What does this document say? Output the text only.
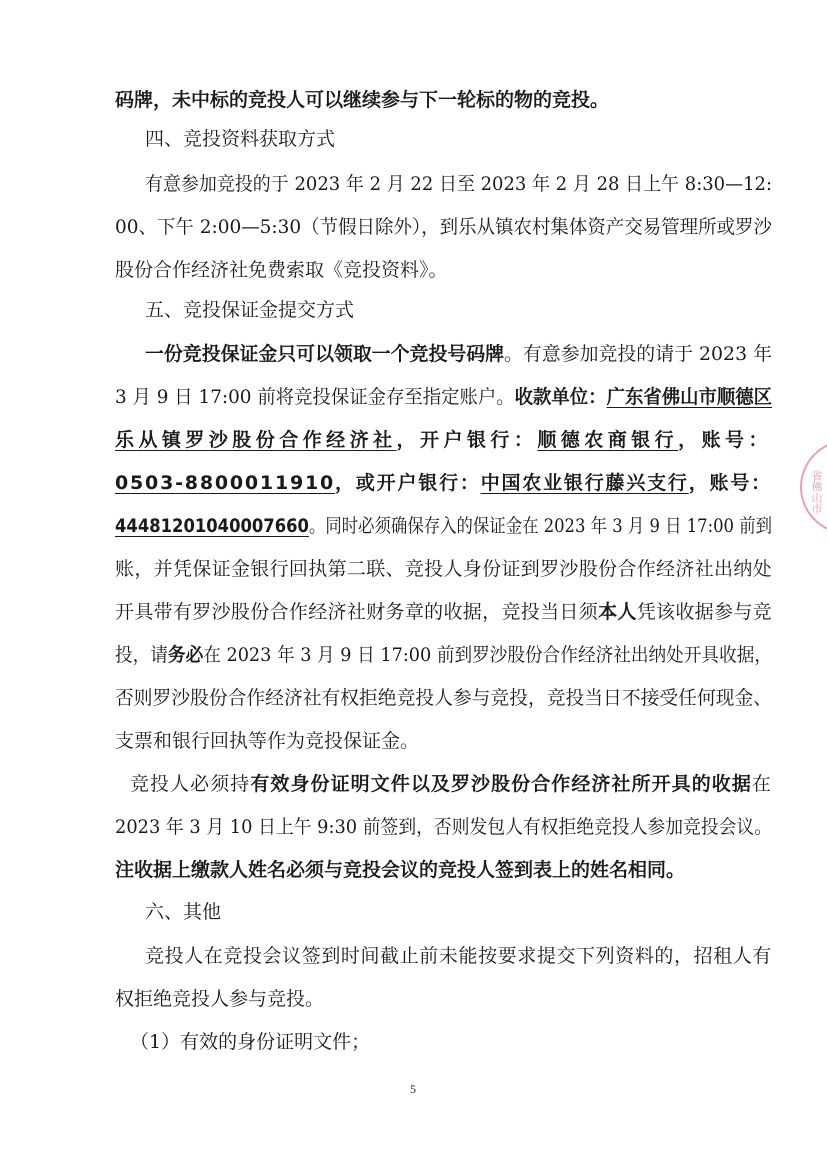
码牌，未中标的竞投人可以继续参与下一轮标的物的竞投。
四、竞投资料获取方式
有意参加竞投的于 2023 年 2 月 22 日至 2023 年 2 月 28 日上午 8:30—12:
00、下午 2:00—5:30（节假日除外），到乐从镇农村集体资产交易管理所或罗沙
股份合作经济社免费索取《竞投资料》。
五、竞投保证金提交方式
一份竞投保证金只可以领取一个竞投号码牌。有意参加竞投的请于 2023 年
3 月 9 日 17:00 前将竞投保证金存至指定账户。收款单位：广东省佛山市顺德区
乐从镇罗沙股份合作经济社，开户银行：顺德农商银行，账号：
0503-8800011910，或开户银行：中国农业银行藤兴支行，账号：
44481201040007660。同时必须确保存入的保证金在 2023 年 3 月 9 日 17:00 前到
账，并凭保证金银行回执第二联、竞投人身份证到罗沙股份合作经济社出纳处
开具带有罗沙股份合作经济社财务章的收据，竞投当日须本人凭该收据参与竞
投，请务必在 2023 年 3 月 9 日 17:00 前到罗沙股份合作经济社出纳处开具收据，
否则罗沙股份合作经济社有权拒绝竞投人参与竞投，竞投当日不接受任何现金、
支票和银行回执等作为竞投保证金。
竞投人必须持有效身份证明文件以及罗沙股份合作经济社所开具的收据在
2023 年 3 月 10 日上午 9:30 前签到，否则发包人有权拒绝竞投人参加竞投会议。
注收据上缴款人姓名必须与竞投会议的竞投人签到表上的姓名相同。
六、其他
竞投人在竞投会议签到时间截止前未能按要求提交下列资料的，招租人有
权拒绝竞投人参与竞投。
（1）有效的身份证明文件；
省佛山市
5
